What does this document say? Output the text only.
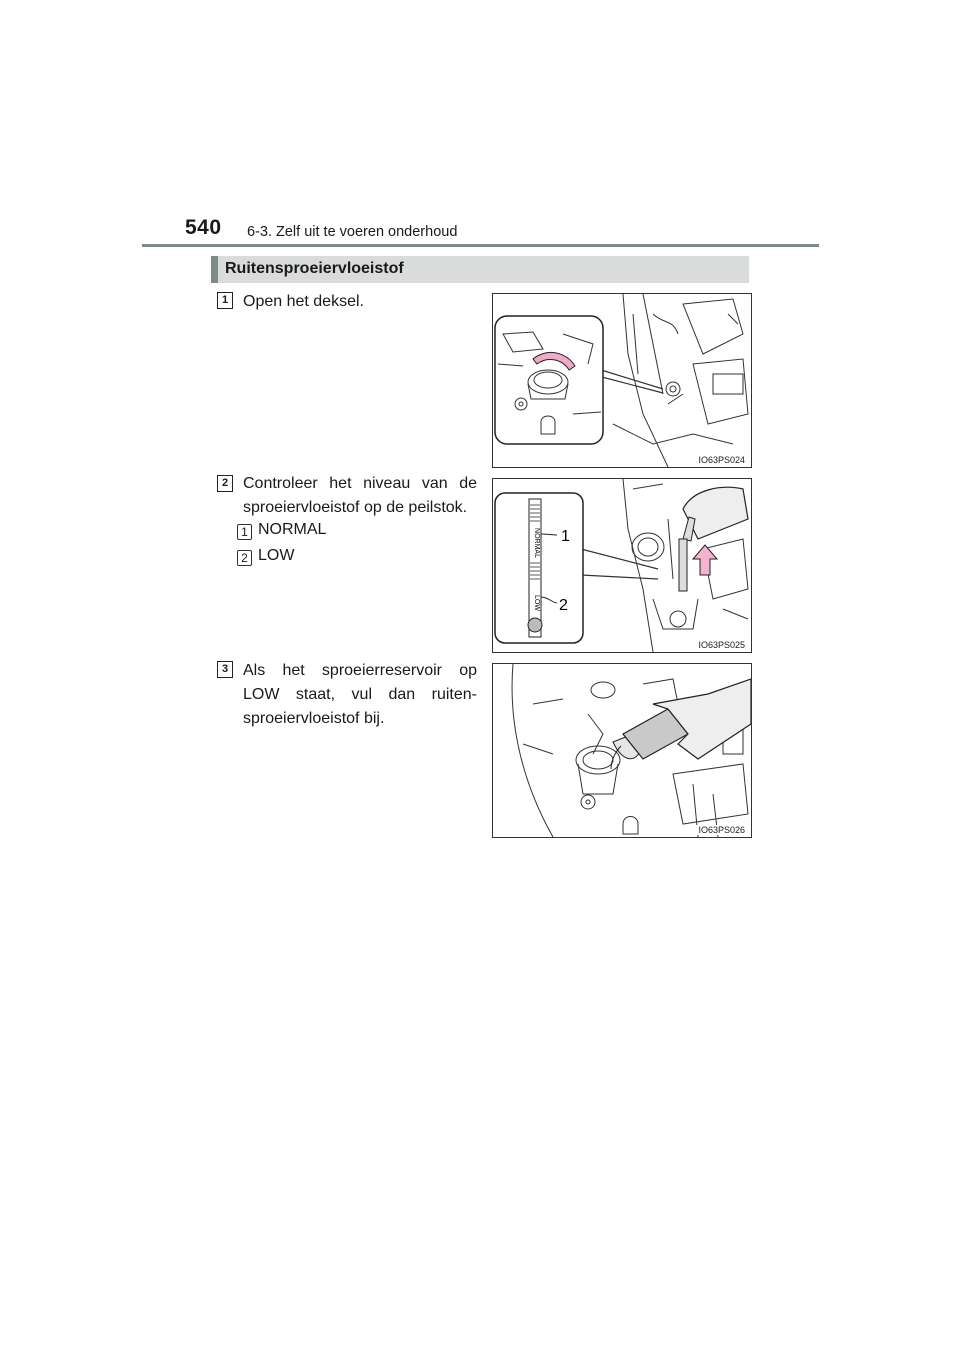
540 6-3. Zelf uit te voeren onderhoud
Ruitensproeiervloeistof
1 Open het deksel.
IO63PS024
2 Controleer het niveau van de
sproeiervloeistof op de peilstok.
1 NORMAL
2 LOW	NORMAL
LOW
1
2
IO63PS025
3 Als het sproeierreservoir op
LOW staat, vul dan ruiten-
sproeiervloeistof bij.
IO63PS026
